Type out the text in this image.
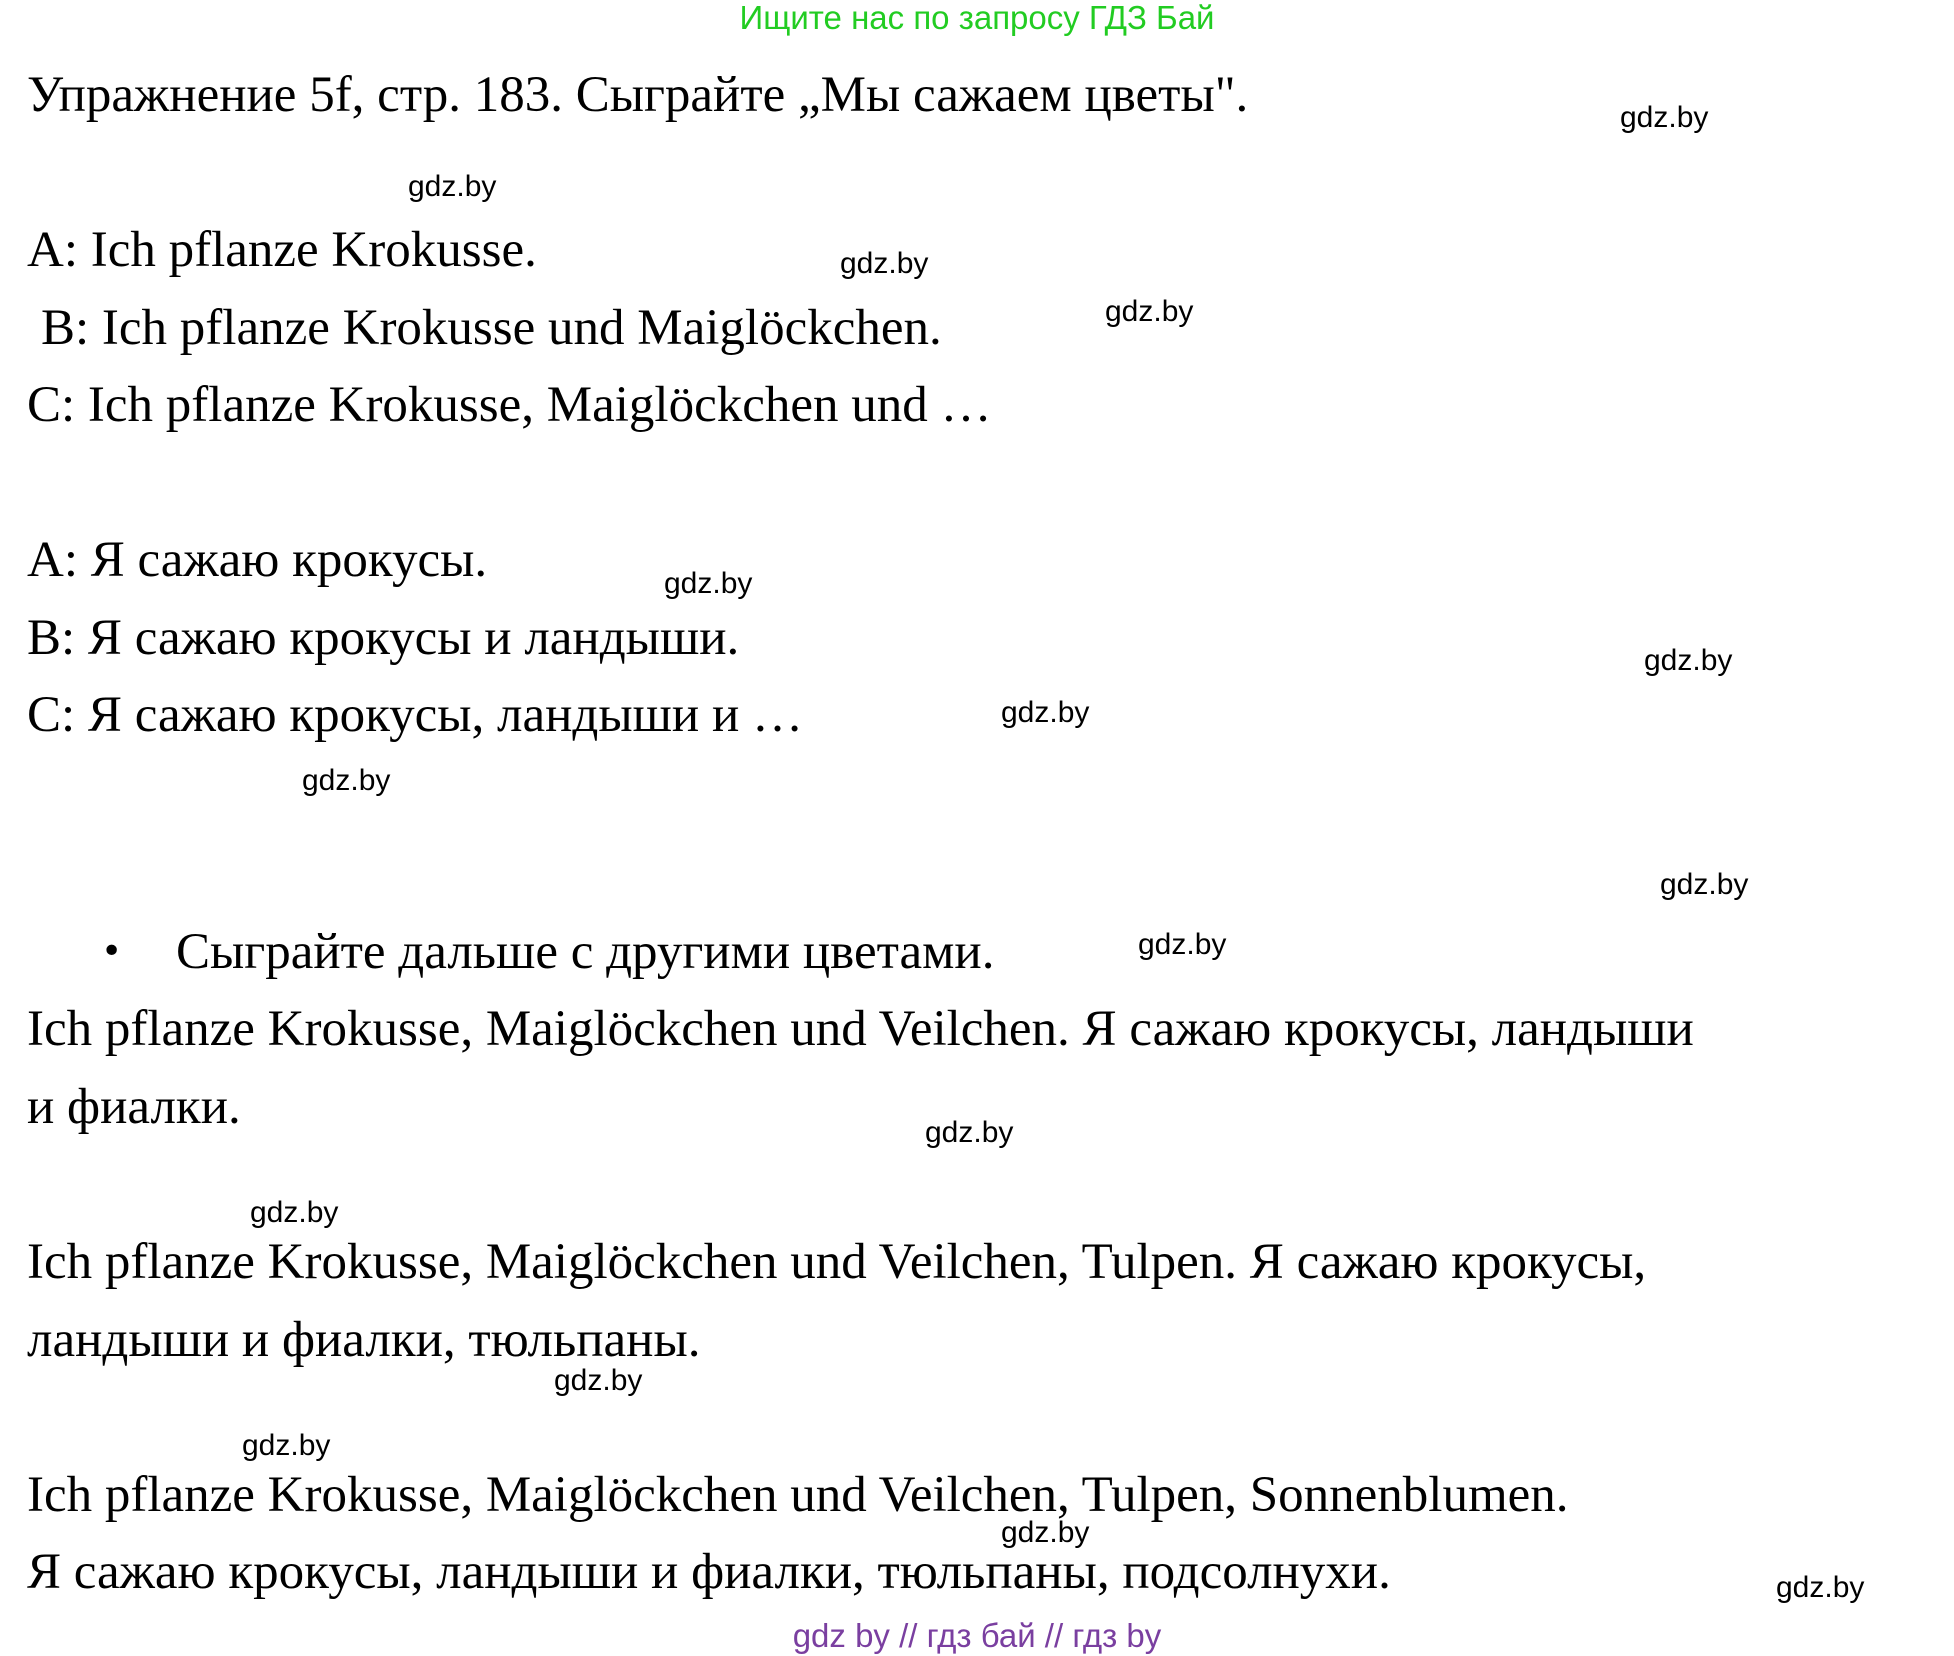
Ищите нас по запросу ГДЗ Бай
Упражнение 5f, стр. 183. Сыграйте „Мы сажаем цветы".
A: Ich pflanze Krokusse.
B: Ich pflanze Krokusse und Maiglöckchen.
C: Ich pflanze Krokusse, Maiglöckchen und …
А: Я сажаю крокусы.
В: Я сажаю крокусы и ландыши.
С: Я сажаю крокусы, ландыши и …
• Сыграйте дальше с другими цветами.
Ich pflanze Krokusse, Maiglöckchen und Veilchen. Я сажаю крокусы, ландыши
и фиалки.
Ich pflanze Krokusse, Maiglöckchen und Veilchen, Tulpen. Я сажаю крокусы,
ландыши и фиалки, тюльпаны.
Ich pflanze Krokusse, Maiglöckchen und Veilchen, Tulpen, Sonnenblumen.
Я сажаю крокусы, ландыши и фиалки, тюльпаны, подсолнухи.
gdz.by
gdz.by
gdz.by
gdz.by
gdz.by
gdz.by
gdz.by
gdz.by
gdz.by
gdz.by
gdz.by
gdz.by
gdz.by
gdz.by
gdz.by
gdz.by
gdz by // гдз бай // гдз by
